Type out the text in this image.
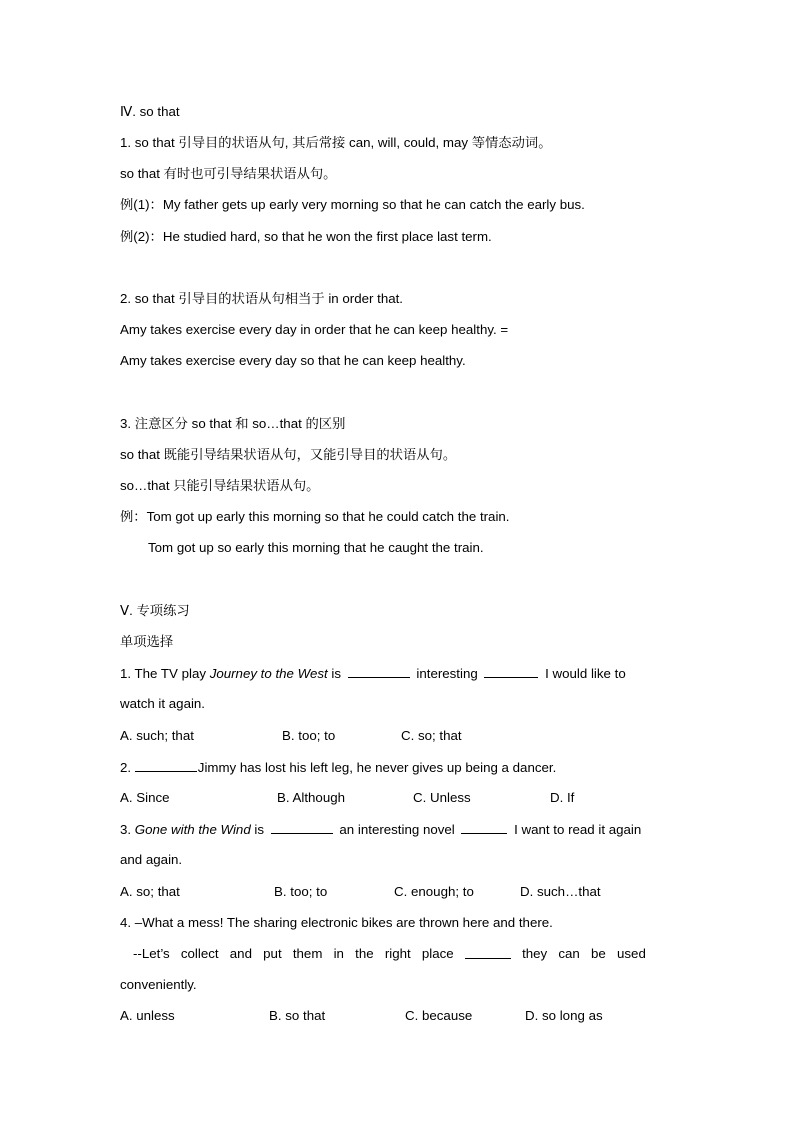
Ⅳ. so that
1. so that 引导目的状语从句, 其后常接 can, will, could, may 等情态动词。
so that 有时也可引导结果状语从句。
例(1)：My father gets up early very morning so that he can catch the early bus.
例(2)：He studied hard, so that he won the first place last term.
2. so that 引导目的状语从句相当于 in order that.
Amy takes exercise every day in order that he can keep healthy. =
Amy takes exercise every day so that he can keep healthy.
3. 注意区分 so that 和 so…that 的区别
so that 既能引导结果状语从句，又能引导目的状语从句。
so…that 只能引导结果状语从句。
例：Tom got up early this morning so that he could catch the train.
Tom got up so early this morning that he caught the train.
Ⅴ. 专项练习
单项选择
1. The TV play Journey to the West is	interesting	I would like to
watch it again.
A. such; that	B. too; to	C. so; that
2.	Jimmy has lost his left leg, he never gives up being a dancer.
A. Since	B. Although	C. Unless	D. If
3. Gone with the Wind is	an interesting novel	I want to read it again
and again.
A. so; that	B. too; to	C. enough; to	D. such…that
4. –What a mess! The sharing electronic bikes are thrown here and there.
--Let’s collect and put them in the right place	they can be used
conveniently.
A. unless	B. so that	C. because	D. so long as
